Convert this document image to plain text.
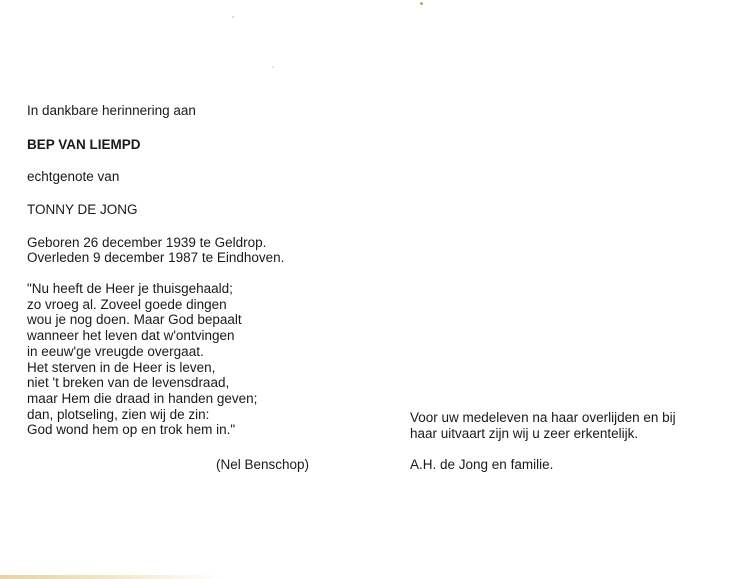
In dankbare herinnering aan
BEP VAN LIEMPD
echtgenote van
TONNY DE JONG
Geboren 26 december 1939 te Geldrop.
Overleden 9 december 1987 te Eindhoven.
"Nu heeft de Heer je thuisgehaald;
zo vroeg al. Zoveel goede dingen
wou je nog doen. Maar God bepaalt
wanneer het leven dat w'ontvingen
in eeuw'ge vreugde overgaat.
Het sterven in de Heer is leven,
niet 't breken van de levensdraad,
maar Hem die draad in handen geven;
dan, plotseling, zien wij de zin:
God wond hem op en trok hem in."
(Nel Benschop)
Voor uw medeleven na haar overlijden en bij
haar uitvaart zijn wij u zeer erkentelijk.
A.H. de Jong en familie.
